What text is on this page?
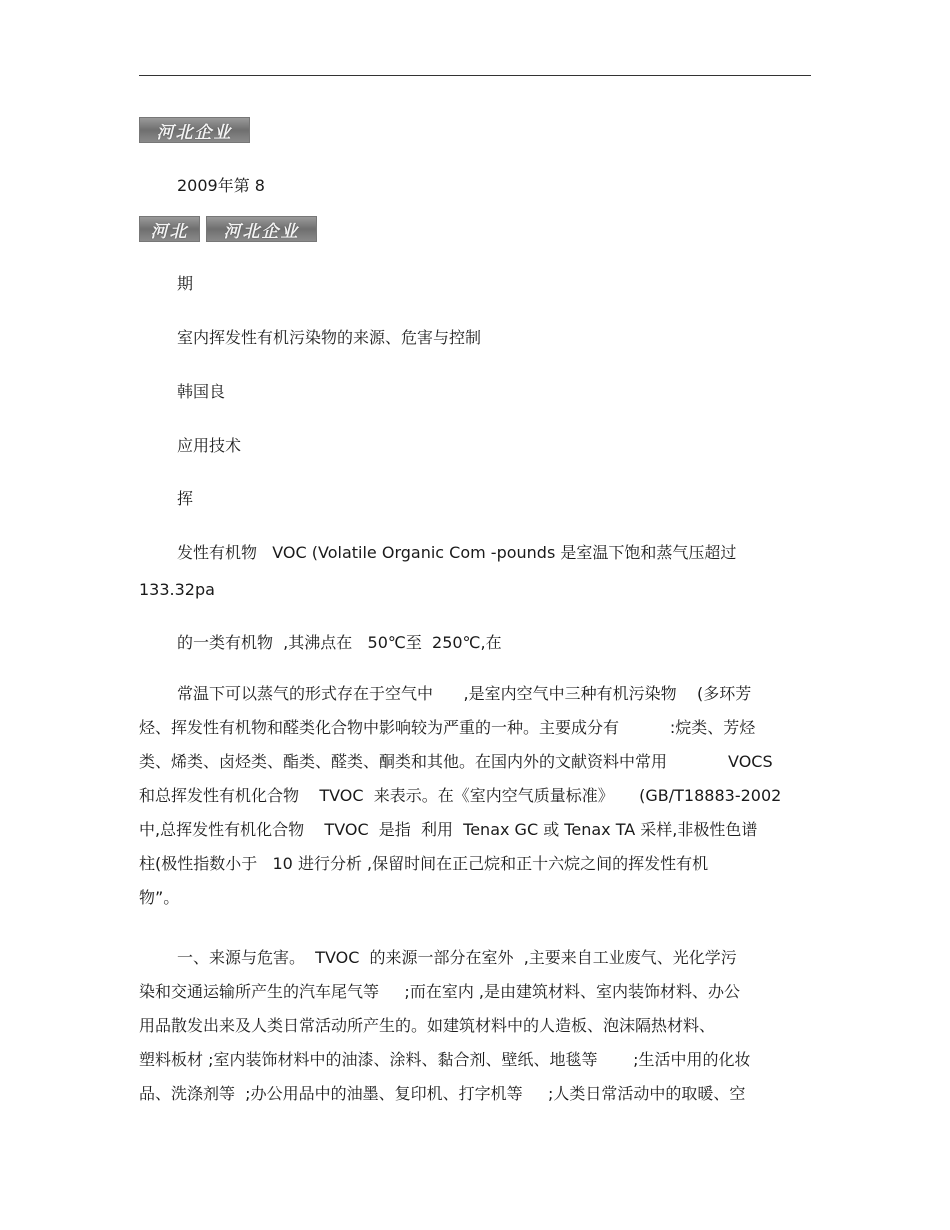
河北企业
2009年第 8
河北	河北企业
期
室内挥发性有机污染物的来源、危害与控制
韩国良
应用技术
挥
发性有机物   VOC (Volatile Organic Com -pounds 是室温下饱和蒸气压超过
133.32pa
的一类有机物  ,其沸点在   50℃至  250℃,在
常温下可以蒸气的形式存在于空气中      ,是室内空气中三种有机污染物    (多环芳
烃、挥发性有机物和醛类化合物中影响较为严重的一种。主要成分有          :烷类、芳烃
类、烯类、卤烃类、酯类、醛类、酮类和其他。在国内外的文献资料中常用            VOCS
和总挥发性有机化合物    TVOC  来表示。在《室内空气质量标准》     (GB/T18883-2002
中,总挥发性有机化合物    TVOC  是指  利用  Tenax GC 或 Tenax TA 采样,非极性色谱
柱(极性指数小于   10 进行分析 ,保留时间在正己烷和正十六烷之间的挥发性有机
物”。
一、来源与危害。  TVOC  的来源一部分在室外  ,主要来自工业废气、光化学污
染和交通运输所产生的汽车尾气等     ;而在室内 ,是由建筑材料、室内装饰材料、办公
用品散发出来及人类日常活动所产生的。如建筑材料中的人造板、泡沫隔热材料、
塑料板材 ;室内装饰材料中的油漆、涂料、黏合剂、壁纸、地毯等       ;生活中用的化妆
品、洗涤剂等  ;办公用品中的油墨、复印机、打字机等     ;人类日常活动中的取暖、空
